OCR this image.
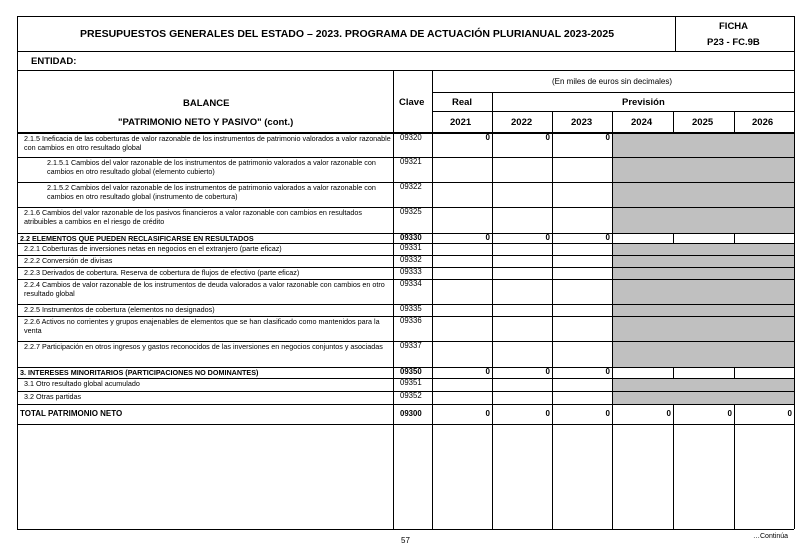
PRESUPUESTOS GENERALES DEL ESTADO – 2023. PROGRAMA DE ACTUACIÓN PLURIANUAL 2023-2025
FICHA
P23 - FC.9B
ENTIDAD:
(En miles de euros sin decimales)
BALANCE
"PATRIMONIO NETO Y PASIVO" (cont.)
Clave	Real	Previsión
2021	2022	2023	2024	2025	2026
2.1.5 Ineficacia de las coberturas de valor razonable de los instrumentos de patrimonio valorados a valor razonable con cambios en otro resultado global
09320	0	0	0
2.1.5.1 Cambios del valor razonable de los instrumentos de patrimonio valorados a valor razonable con cambios en otro resultado global (elemento cubierto)
09321
2.1.5.2 Cambios del valor razonable de los instrumentos de patrimonio valorados a valor razonable con cambios en otro resultado global (instrumento de cobertura)
09322
2.1.6 Cambios del valor razonable de los pasivos financieros a valor razonable con cambios en resultados atribuibles a cambios en el riesgo de crédito
09325
2.2 ELEMENTOS QUE PUEDEN RECLASIFICARSE EN RESULTADOS	09330	0	0	0
2.2.1 Coberturas de inversiones netas en negocios en el extranjero (parte eficaz)	09331
2.2.2 Conversión de divisas	09332
2.2.3 Derivados de cobertura. Reserva de cobertura de flujos de efectivo (parte eficaz)	09333
2.2.4 Cambios de valor razonable de los instrumentos de deuda valorados a valor razonable con cambios en otro resultado global
09334
2.2.5 Instrumentos de cobertura (elementos no designados)	09335
2.2.6 Activos no corrientes y grupos enajenables de elementos que se han clasificado como mantenidos para la venta
09336
2.2.7 Participación en otros ingresos y gastos reconocidos de las inversiones en negocios conjuntos y asociadas	09337
3. INTERESES MINORITARIOS (PARTICIPACIONES NO DOMINANTES)	09350	0	0	0
3.1 Otro resultado global acumulado	09351
3.2 Otras partidas	09352
TOTAL PATRIMONIO NETO	09300	0	0	0	0	0	0
57	…Continúa
